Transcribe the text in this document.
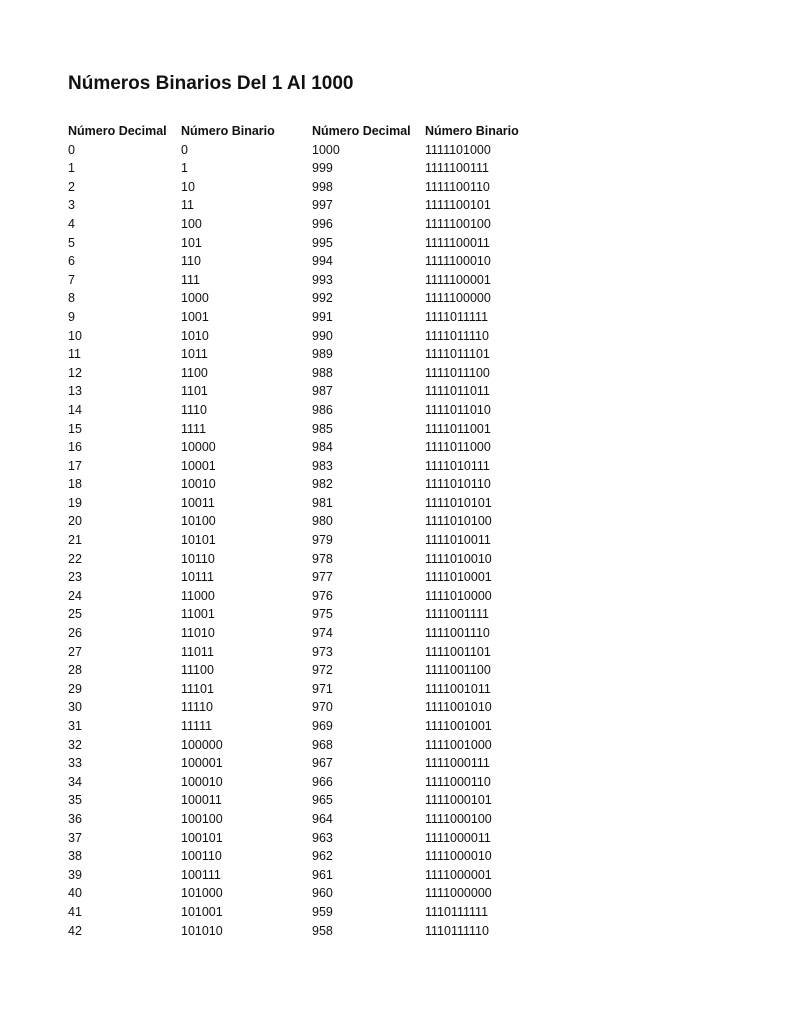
Números Binarios Del 1 Al 1000
Número Decimal	Número Binario	Número Decimal	Número Binario
0	0	1000	1111101000
1	1	999	1111100111
2	10	998	1111100110
3	11	997	1111100101
4	100	996	1111100100
5	101	995	1111100011
6	110	994	1111100010
7	111	993	1111100001
8	1000	992	1111100000
9	1001	991	1111011111
10	1010	990	1111011110
11	1011	989	1111011101
12	1100	988	1111011100
13	1101	987	1111011011
14	1110	986	1111011010
15	1111	985	1111011001
16	10000	984	1111011000
17	10001	983	1111010111
18	10010	982	1111010110
19	10011	981	1111010101
20	10100	980	1111010100
21	10101	979	1111010011
22	10110	978	1111010010
23	10111	977	1111010001
24	11000	976	1111010000
25	11001	975	1111001111
26	11010	974	1111001110
27	11011	973	1111001101
28	11100	972	1111001100
29	11101	971	1111001011
30	11110	970	1111001010
31	11111	969	1111001001
32	100000	968	1111001000
33	100001	967	1111000111
34	100010	966	1111000110
35	100011	965	1111000101
36	100100	964	1111000100
37	100101	963	1111000011
38	100110	962	1111000010
39	100111	961	1111000001
40	101000	960	1111000000
41	101001	959	1110111111
42	101010	958	1110111110
